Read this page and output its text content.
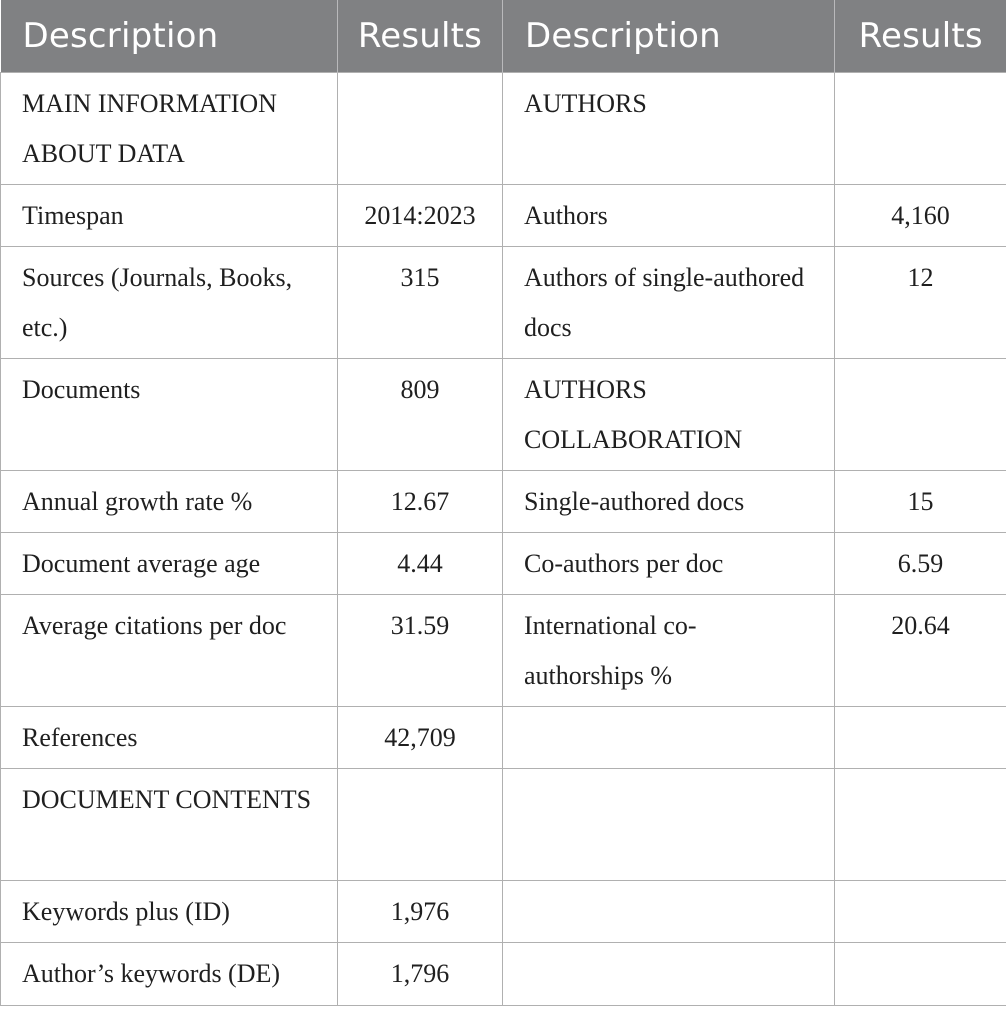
Description	Results	Description	Results
MAIN INFORMATION ABOUT DATA		AUTHORS	
Timespan	2014:2023	Authors	4,160
Sources (Journals, Books, etc.)	315	Authors of single-authored docs	12
Documents	809	AUTHORS COLLABORATION	
Annual growth rate %	12.67	Single-authored docs	15
Document average age	4.44	Co-authors per doc	6.59
Average citations per doc	31.59	International co-authorships %	20.64
References	42,709		
DOCUMENT CONTENTS			
Keywords plus (ID)	1,976		
Author’s keywords (DE)	1,796		
